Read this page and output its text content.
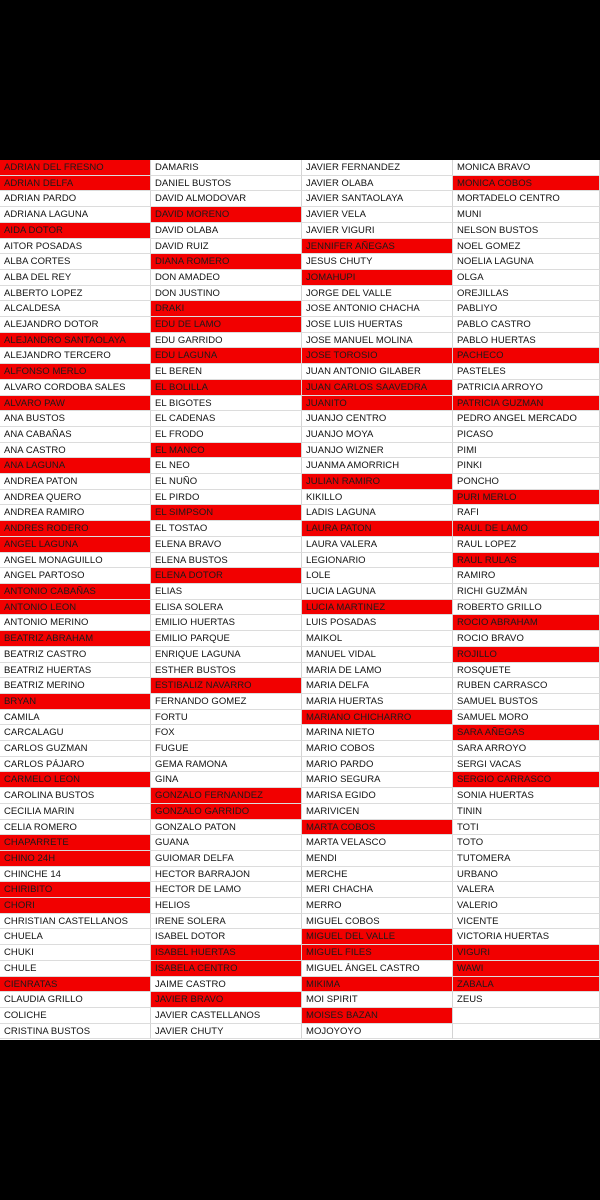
ADRIAN DEL FRESNO
ADRIAN DELFA
ADRIAN PARDO
ADRIANA LAGUNA
AIDA DOTOR
AITOR POSADAS
ALBA CORTES
ALBA DEL REY
ALBERTO LOPEZ
ALCALDESA
ALEJANDRO DOTOR
ALEJANDRO SANTAOLAYA
ALEJANDRO TERCERO
ALFONSO MERLO
ALVARO CORDOBA SALES
ALVARO PAW
ANA BUSTOS
ANA CABAÑAS
ANA CASTRO
ANA LAGUNA
ANDREA PATON
ANDREA QUERO
ANDREA RAMIRO
ANDRES RODERO
ANGEL LAGUNA
ANGEL MONAGUILLO
ANGEL PARTOSO
ANTONIO CABAÑAS
ANTONIO LEON
ANTONIO MERINO
BEATRIZ ABRAHAM
BEATRIZ CASTRO
BEATRIZ HUERTAS
BEATRIZ MERINO
BRYAN
CAMILA
CARCALAGU
CARLOS GUZMAN
CARLOS PÁJARO
CARMELO LEON
CAROLINA BUSTOS
CECILIA MARIN
CELIA ROMERO
CHAPARRETE
CHINO 24H
CHINCHE 14
CHIRIBITO
CHORI
CHRISTIAN CASTELLANOS
CHUELA
CHUKI
CHULE
CIENRATAS
CLAUDIA GRILLO
COLICHE
CRISTINA BUSTOS
DAMARIS
DANIEL BUSTOS
DAVID ALMODOVAR
DAVID MORENO
DAVID OLABA
DAVID RUIZ
DIANA ROMERO
DON AMADEO
DON JUSTINO
DRAKI
EDU DE LAMO
EDU GARRIDO
EDU LAGUNA
EL BEREN
EL BOLILLA
EL BIGOTES
EL CADENAS
EL FRODO
EL MANCO
EL NEO
EL NUÑO
EL PIRDO
EL SIMPSON
EL TOSTAO
ELENA BRAVO
ELENA BUSTOS
ELENA DOTOR
ELIAS
ELISA SOLERA
EMILIO HUERTAS
EMILIO PARQUE
ENRIQUE LAGUNA
ESTHER BUSTOS
ESTIBALIZ NAVARRO
FERNANDO GOMEZ
FORTU
FOX
FUGUE
GEMA RAMONA
GINA
GONZALO FERNANDEZ
GONZALO GARRIDO
GONZALO PATON
GUANA
GUIOMAR DELFA
HECTOR BARRAJON
HECTOR DE LAMO
HELIOS
IRENE SOLERA
ISABEL DOTOR
ISABEL HUERTAS
ISABELA CENTRO
JAIME CASTRO
JAVIER BRAVO
JAVIER CASTELLANOS
JAVIER CHUTY
JAVIER FERNANDEZ
JAVIER OLABA
JAVIER SANTAOLAYA
JAVIER VELA
JAVIER VIGURI
JENNIFER AÑEGAS
JESUS CHUTY
JOMAHUPI
JORGE DEL VALLE
JOSE ANTONIO CHACHA
JOSE LUIS HUERTAS
JOSE MANUEL MOLINA
JOSE TOROSIO
JUAN ANTONIO GILABER
JUAN CARLOS SAAVEDRA
JUANITO
JUANJO CENTRO
JUANJO MOYA
JUANJO WIZNER
JUANMA AMORRICH
JULIAN RAMIRO
KIKILLO
LADIS LAGUNA
LAURA PATON
LAURA VALERA
LEGIONARIO
LOLE
LUCIA LAGUNA
LUCIA MARTINEZ
LUIS POSADAS
MAIKOL
MANUEL VIDAL
MARIA DE LAMO
MARIA DELFA
MARIA HUERTAS
MARIANO CHICHARRO
MARINA NIETO
MARIO COBOS
MARIO PARDO
MARIO SEGURA
MARISA EGIDO
MARIVICEN
MARTA COBOS
MARTA VELASCO
MENDI
MERCHE
MERI CHACHA
MERRO
MIGUEL COBOS
MIGUEL DEL VALLE
MIGUEL FILES
MIGUEL ÁNGEL CASTRO
MIKIMA
MOI SPIRIT
MOISES BAZAN
MOJOYOYO
MONICA BRAVO
MONICA COBOS
MORTADELO CENTRO
MUNI
NELSON BUSTOS
NOEL GOMEZ
NOELIA LAGUNA
OLGA
OREJILLAS
PABLIYO
PABLO CASTRO
PABLO HUERTAS
PACHECO
PASTELES
PATRICIA ARROYO
PATRICIA GUZMAN
PEDRO ANGEL MERCADO
PICASO
PIMI
PINKI
PONCHO
PURI MERLO
RAFI
RAUL DE LAMO
RAUL LOPEZ
RAUL RULAS
RAMIRO
RICHI GUZMÁN
ROBERTO GRILLO
ROCIO ABRAHAM
ROCIO BRAVO
ROJILLO
ROSQUETE
RUBEN CARRASCO
SAMUEL BUSTOS
SAMUEL MORO
SARA AÑEGAS
SARA ARROYO
SERGI VACAS
SERGIO CARRASCO
SONIA HUERTAS
TININ
TOTI
TOTO
TUTOMERA
URBANO
VALERA
VALERIO
VICENTE
VICTORIA HUERTAS
VIGURI
WAWI
ZABALA
ZEUS
